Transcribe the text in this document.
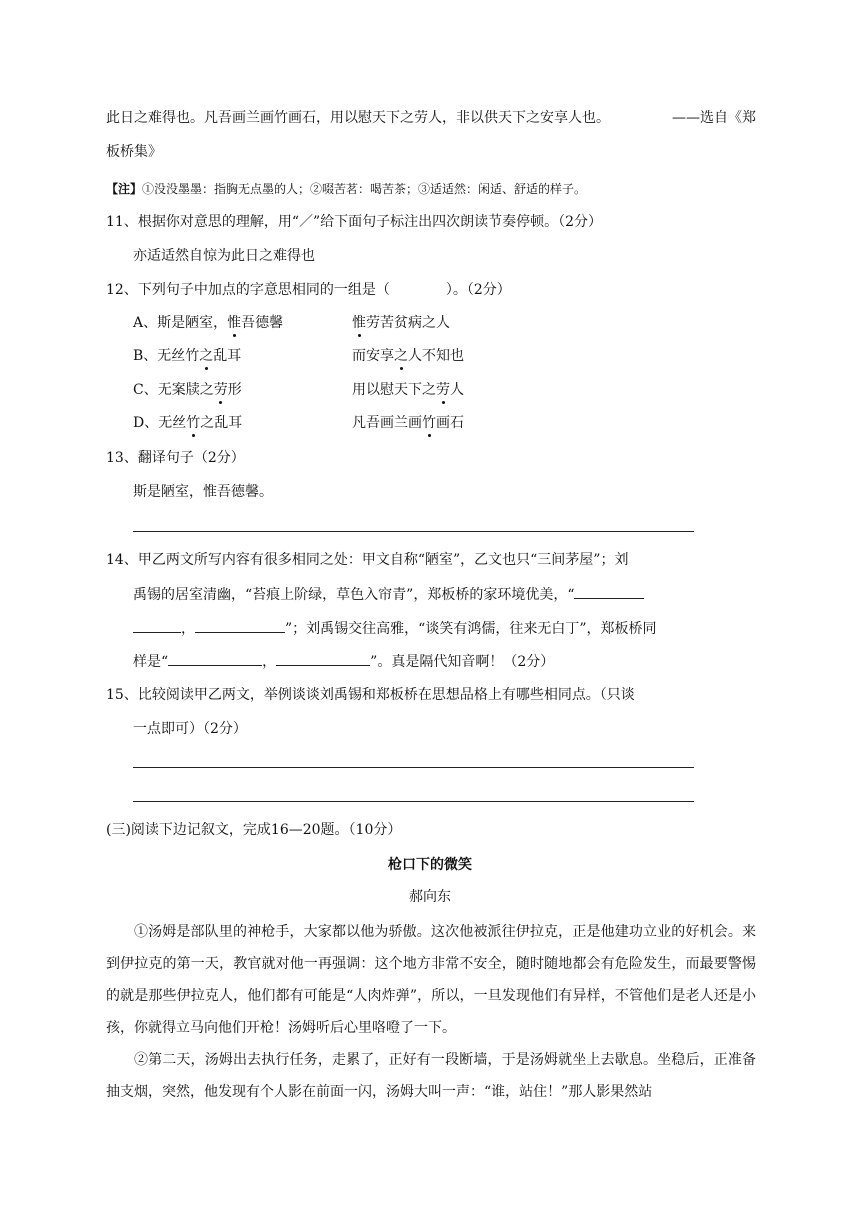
此日之难得也。凡吾画兰画竹画石，用以慰天下之劳人，非以供天下之安享人也。	——选自《郑
板桥集》
【注】①没没墨墨：指胸无点墨的人；②啜苦茗：喝苦茶；③适适然：闲适、舒适的样子。
11、根据你对意思的理解，用“／”给下面句子标注出四次朗读节奏停顿。（2分）
亦适适然自惊为此日之难得也
12、下列句子中加点的字意思相同的一组是（	）。（2分）
A、斯是陋室，惟吾德馨	惟劳苦贫病之人
B、无丝竹之乱耳	而安享之人不知也
C、无案牍之劳形	用以慰天下之劳人
D、无丝竹之乱耳	凡吾画兰画竹画石
13、翻译句子（2分）
斯是陋室，惟吾德馨。
14、甲乙两文所写内容有很多相同之处：甲文自称“陋室”，乙文也只“三间茅屋”；刘
禹锡的居室清幽，“苔痕上阶绿，草色入帘青”，郑板桥的家环境优美，“
，	”；刘禹锡交往高雅，“谈笑有鸿儒，往来无白丁”，郑板桥同
样是“	，	”。真是隔代知音啊！（2分）
15、比较阅读甲乙两文，举例谈谈刘禹锡和郑板桥在思想品格上有哪些相同点。（只谈
一点即可）（2分）
(三)阅读下边记叙文，完成16—20题。（10分）
枪口下的微笑
郝向东
①汤姆是部队里的神枪手，大家都以他为骄傲。这次他被派往伊拉克，正是他建功立业的好机会。来到伊拉克的第一天，教官就对他一再强调：这个地方非常不安全，随时随地都会有危险发生，而最要警惕的就是那些伊拉克人，他们都有可能是“人肉炸弹”，所以，一旦发现他们有异样，不管他们是老人还是小孩，你就得立马向他们开枪！汤姆听后心里咯噔了一下。
②第二天，汤姆出去执行任务，走累了，正好有一段断墙，于是汤姆就坐上去歇息。坐稳后，正准备抽支烟，突然，他发现有个人影在前面一闪，汤姆大叫一声：“谁，站住！”那人影果然站
